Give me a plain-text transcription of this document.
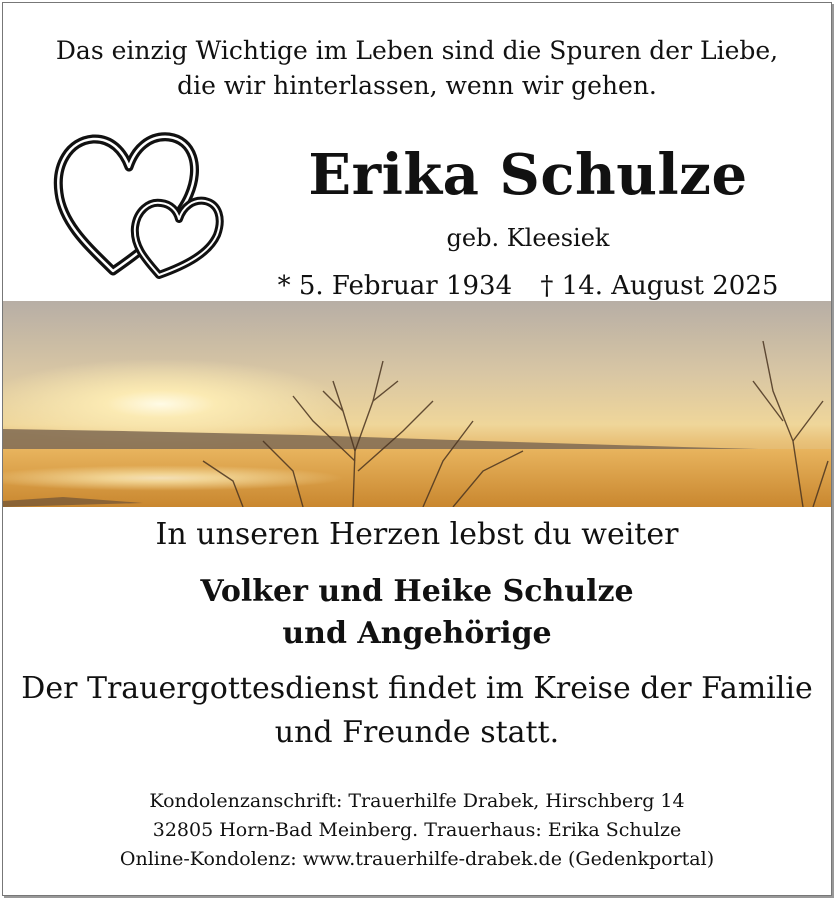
Das einzig Wichtige im Leben sind die Spuren der Liebe,
die wir hinterlassen, wenn wir gehen.
Erika Schulze
geb. Kleesiek
* 5. Februar 1934 † 14. August 2025
In unseren Herzen lebst du weiter
Volker und Heike Schulze
und Angehörige
Der Trauergottesdienst findet im Kreise der Familie
und Freunde statt.
Kondolenzanschrift: Trauerhilfe Drabek, Hirschberg 14
32805 Horn-Bad Meinberg. Trauerhaus: Erika Schulze
Online-Kondolenz: www.trauerhilfe-drabek.de (Gedenkportal)
